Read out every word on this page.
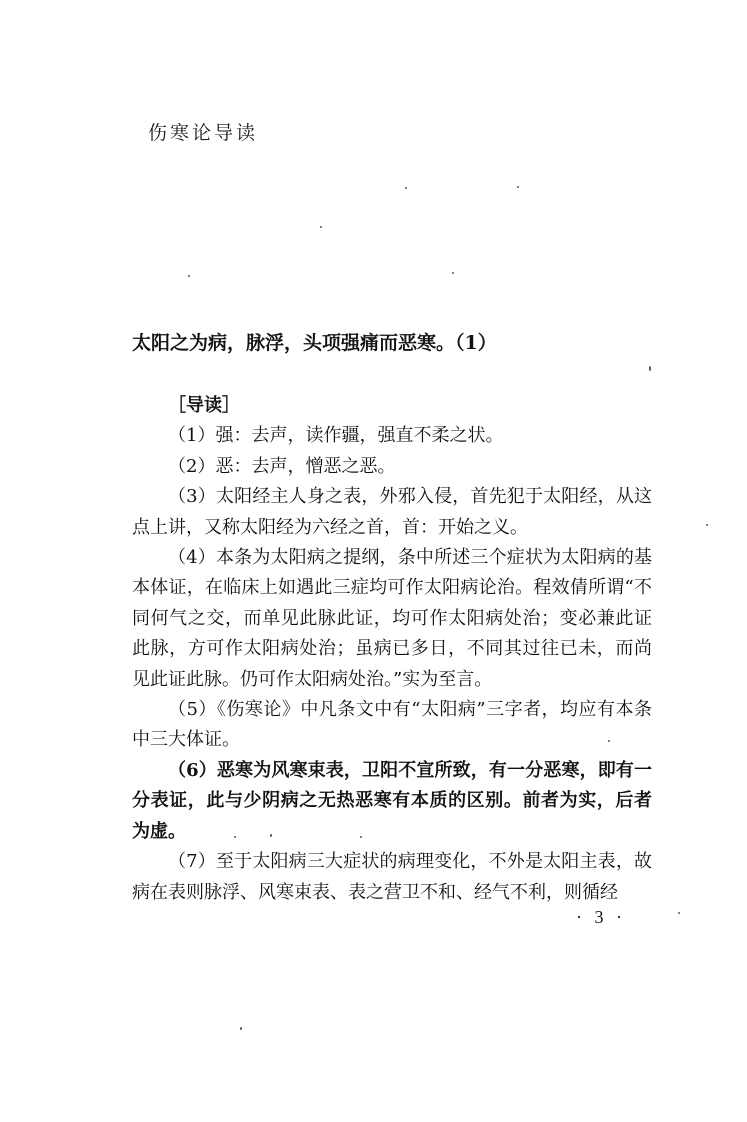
伤寒论导读
太阳之为病，脉浮，头项强痛而恶寒。（1）

［导读］

（1）强：去声，读作疆，强直不柔之状。

（2）恶：去声，憎恶之恶。

（3）太阳经主人身之表，外邪入侵，首先犯于太阳经，从这点上讲，又称太阳经为六经之首，首：开始之义。

（4）本条为太阳病之提纲，条中所述三个症状为太阳病的基本体证，在临床上如遇此三症均可作太阳病论治。程效倩所谓“不同何气之交，而单见此脉此证，均可作太阳病处治；变必兼此证此脉，方可作太阳病处治；虽病已多日，不同其过往已未，而尚见此证此脉。仍可作太阳病处治。”实为至言。

（5）《伤寒论》中凡条文中有“太阳病”三字者，均应有本条中三大体证。

（6）恶寒为风寒束表，卫阳不宣所致，有一分恶寒，即有一分表证，此与少阴病之无热恶寒有本质的区别。前者为实，后者为虚。

（7）至于太阳病三大症状的病理变化，不外是太阳主表，故病在表则脉浮、风寒束表、表之营卫不和、经气不利，则循经

· 3 ·
